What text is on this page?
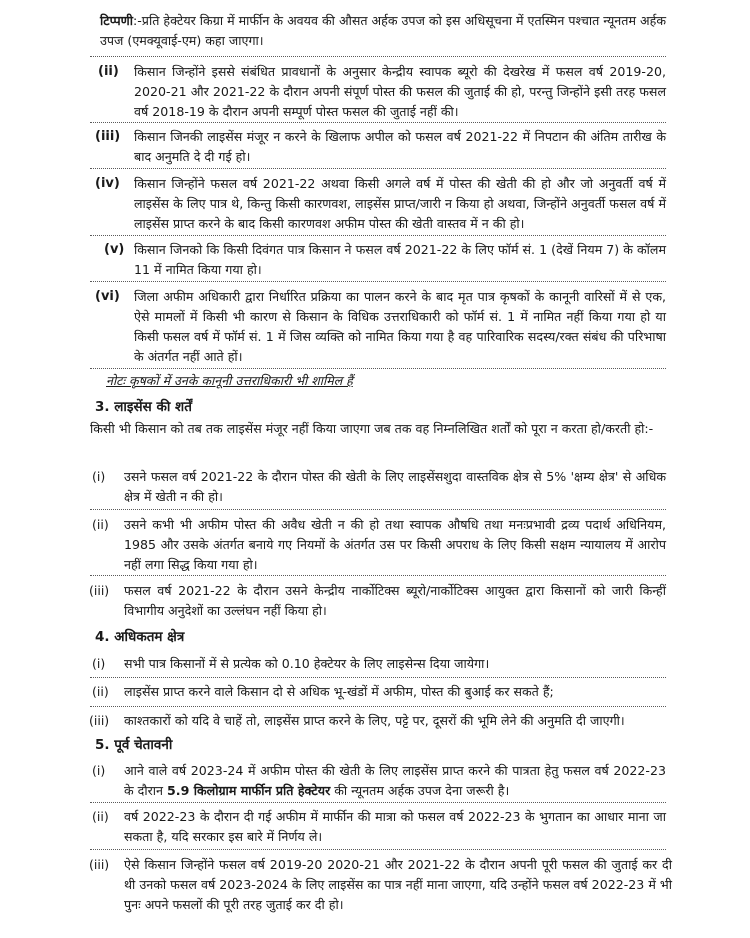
टिप्पणी:-प्रति हेक्टेयर किग्रा में मार्फीन के अवयव की औसत अर्हक उपज को इस अधिसूचना में एतस्मिन पश्चात न्यूनतम अर्हक उपज (एमक्यूवाई-एम) कहा जाएगा।
(ii) किसान जिन्होंने इससे संबंधित प्रावधानों के अनुसार केन्द्रीय स्वापक ब्यूरो की देखरेख में फसल वर्ष 2019-20, 2020-21 और 2021-22 के दौरान अपनी संपूर्ण पोस्त की फसल की जुताई की हो, परन्तु जिन्होंने इसी तरह फसल वर्ष 2018-19 के दौरान अपनी सम्पूर्ण पोस्त फसल की जुताई नहीं की।
(iii) किसान जिनकी लाइसेंस मंजूर न करने के खिलाफ अपील को फसल वर्ष 2021-22 में निपटान की अंतिम तारीख के बाद अनुमति दे दी गई हो।
(iv) किसान जिन्होंने फसल वर्ष 2021-22 अथवा किसी अगले वर्ष में पोस्त की खेती की हो और जो अनुवर्ती वर्ष में लाइसेंस के लिए पात्र थे, किन्तु किसी कारणवश, लाइसेंस प्राप्त/जारी न किया हो अथवा, जिन्होंने अनुवर्ती फसल वर्ष में लाइसेंस प्राप्त करने के बाद किसी कारणवश अफीम पोस्त की खेती वास्तव में न की हो।
(v) किसान जिनको कि किसी दिवंगत पात्र किसान ने फसल वर्ष 2021-22 के लिए फॉर्म सं. 1 (देखें नियम 7) के कॉलम 11 में नामित किया गया हो।
(vi) जिला अफीम अधिकारी द्वारा निर्धारित प्रक्रिया का पालन करने के बाद मृत पात्र कृषकों के कानूनी वारिसों में से एक, ऐसे मामलों में किसी भी कारण से किसान के विधिक उत्तराधिकारी को फॉर्म सं. 1 में नामित नहीं किया गया हो या किसी फसल वर्ष में फॉर्म सं. 1 में जिस व्यक्ति को नामित किया गया है वह पारिवारिक सदस्य/रक्त संबंध की परिभाषा के अंतर्गत नहीं आते हों।
नोटः कृषकों में उनके कानूनी उत्तराधिकारी भी शामिल हैं
3. लाइसेंस की शर्तें
किसी भी किसान को तब तक लाइसेंस मंजूर नहीं किया जाएगा जब तक वह निम्नलिखित शर्तों को पूरा न करता हो/करती हो:-
(i) उसने फसल वर्ष 2021-22 के दौरान पोस्त की खेती के लिए लाइसेंसशुदा वास्तविक क्षेत्र से 5% 'क्षम्य क्षेत्र' से अधिक क्षेत्र में खेती न की हो।
(ii) उसने कभी भी अफीम पोस्त की अवैध खेती न की हो तथा स्वापक औषधि तथा मनःप्रभावी द्रव्य पदार्थ अधिनियम, 1985 और उसके अंतर्गत बनाये गए नियमों के अंतर्गत उस पर किसी अपराध के लिए किसी सक्षम न्यायालय में आरोप नहीं लगा सिद्ध किया गया हो।
(iii) फसल वर्ष 2021-22 के दौरान उसने केन्द्रीय नार्कोटिक्स ब्यूरो/नार्कोटिक्स आयुक्त द्वारा किसानों को जारी किन्हीं विभागीय अनुदेशों का उल्लंघन नहीं किया हो।
4. अधिकतम क्षेत्र
(i) सभी पात्र किसानों में से प्रत्येक को 0.10 हेक्टेयर के लिए लाइसेन्स दिया जायेगा।
(ii) लाइसेंस प्राप्त करने वाले किसान दो से अधिक भू-खंडों में अफीम, पोस्त की बुआई कर सकते हैं;
(iii) काश्तकारों को यदि वे चाहें तो, लाइसेंस प्राप्त करने के लिए, पट्टे पर, दूसरों की भूमि लेने की अनुमति दी जाएगी।
5. पूर्व चेतावनी
(i) आने वाले वर्ष 2023-24 में अफीम पोस्त की खेती के लिए लाइसेंस प्राप्त करने की पात्रता हेतु फसल वर्ष 2022-23 के दौरान 5.9 किलोग्राम मार्फीन प्रति हेक्टेयर की न्यूनतम अर्हक उपज देना जरूरी है।
(ii) वर्ष 2022-23 के दौरान दी गई अफीम में मार्फीन की मात्रा को फसल वर्ष 2022-23 के भुगतान का आधार माना जा सकता है, यदि सरकार इस बारे में निर्णय ले।
(iii) ऐसे किसान जिन्होंने फसल वर्ष 2019-20 2020-21 और 2021-22 के दौरान अपनी पूरी फसल की जुताई कर दी थी उनको फसल वर्ष 2023-2024 के लिए लाइसेंस का पात्र नहीं माना जाएगा, यदि उन्होंने फसल वर्ष 2022-23 में भी पुनः अपने फसलों की पूरी तरह जुताई कर दी हो।
